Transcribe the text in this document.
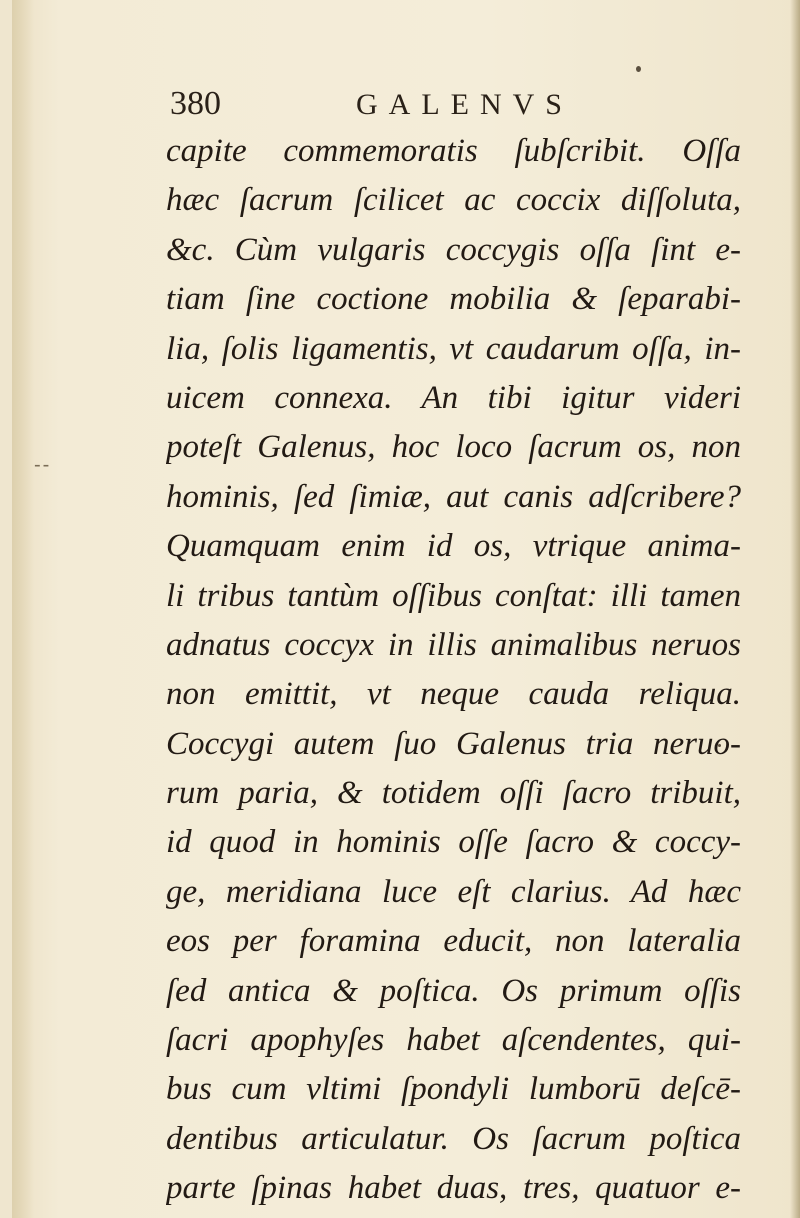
--
380	GALENVS
capite commemoratis ſubſcribit. Oſſa
hæc ſacrum ſcilicet ac coccix diſſoluta,
&c. Cùm vulgaris coccygis oſſa ſint e-
tiam ſine coctione mobilia & ſeparabi-
lia, ſolis ligamentis, vt caudarum oſſa, in-
uicem connexa. An tibi igitur videri
poteſt Galenus, hoc loco ſacrum os, non
hominis, ſed ſimiæ, aut canis adſcribere?
Quamquam enim id os, vtrique anima-
li tribus tantùm oſſibus conſtat: illi tamen
adnatus coccyx in illis animalibus neruos
non emittit, vt neque cauda reliqua.
Coccygi autem ſuo Galenus tria neruo-
rum paria, & totidem oſſi ſacro tribuit,
id quod in hominis oſſe ſacro & coccy-
ge, meridiana luce eſt clarius. Ad hæc
eos per foramina educit, non lateralia
ſed antica & poſtica. Os primum oſſis
ſacri apophyſes habet aſcendentes, qui-
bus cum vltimi ſpondyli lumborū deſcē-
dentibus articulatur. Os ſacrum poſtica
parte ſpinas habet duas, tres, quatuor e-
